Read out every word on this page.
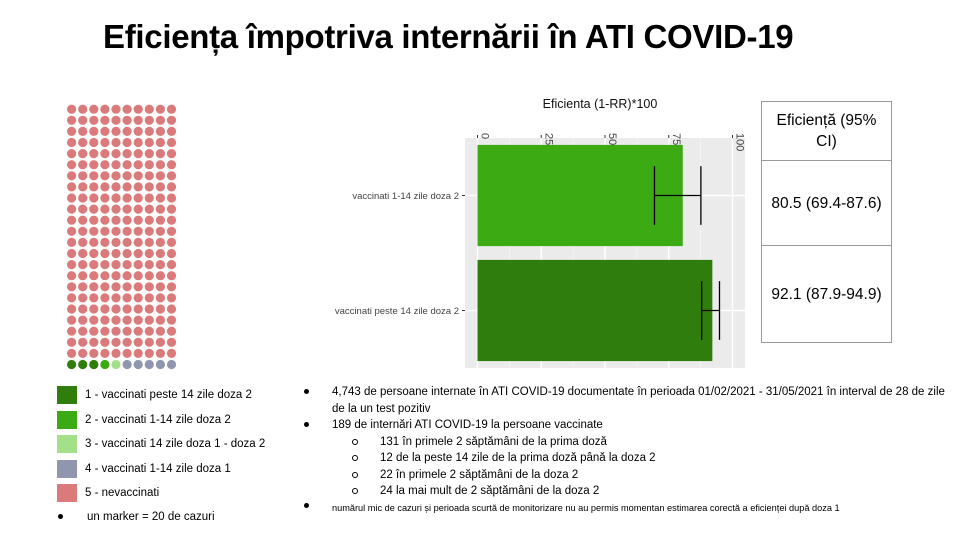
Eficiența împotriva internării în ATI COVID-19
1 - vaccinati peste 14 zile doza 2
2 - vaccinati 1-14 zile doza 2
3 - vaccinati 14 zile doza 1 - doza 2
4 - vaccinati 1-14 zile doza 1
5 - nevaccinati
un marker = 20 de cazuri
vaccinati 1-14 zile doza 2
vaccinati peste 14 zile doza 2
0	25	50	75	100
Eficienta (1-RR)*100
Eficiență (95% CI)
80.5 (69.4-87.6)
92.1 (87.9-94.9)
4,743 de persoane internate în ATI COVID-19 documentate în perioada 01/02/2021 - 31/05/2021 în interval de 28 de zile de la un test pozitiv
189 de internări ATI COVID-19 la persoane vaccinate
131 în primele 2 săptămâni de la prima doză
12 de la peste 14 zile de la prima doză până la doza 2
22 în primele 2 săptămâni de la doza 2
24 la mai mult de 2 săptămâni de la doza 2
numărul mic de cazuri și perioada scurtă de monitorizare nu au permis momentan estimarea corectă a eficienței după doza 1
